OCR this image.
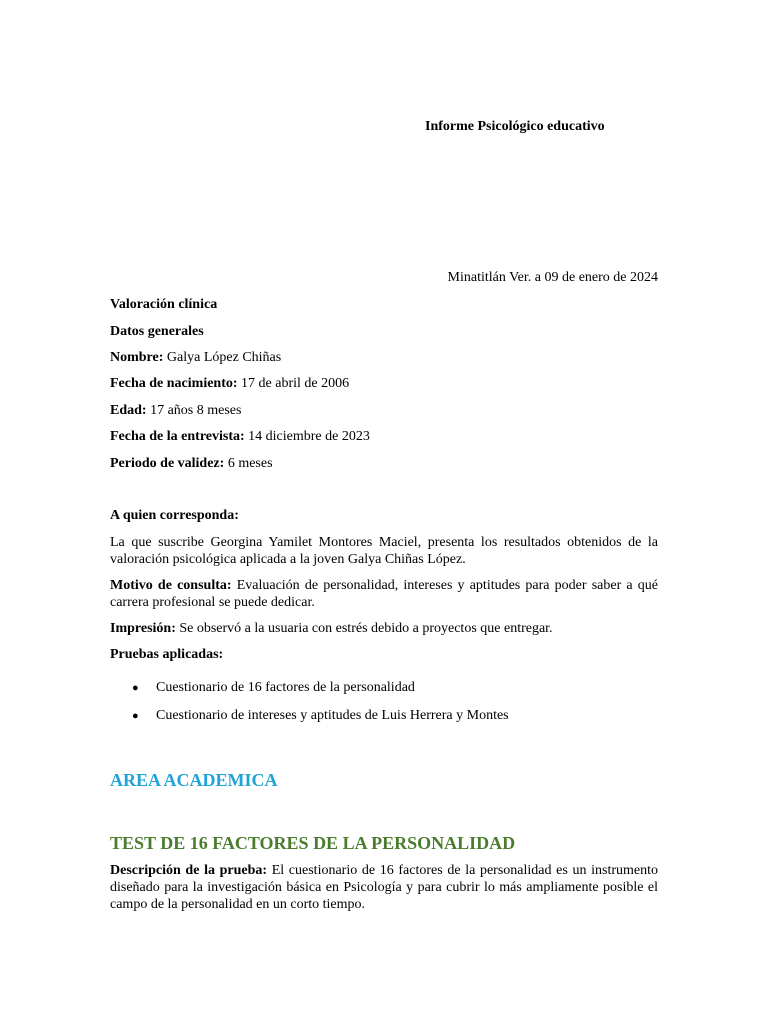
Informe Psicológico educativo
Minatitlán Ver. a 09 de enero de 2024
Valoración clínica
Datos generales
Nombre: Galya López Chiñas
Fecha de nacimiento: 17 de abril de 2006
Edad: 17 años 8 meses
Fecha de la entrevista: 14 diciembre de 2023
Periodo de validez: 6 meses
A quien corresponda:
La que suscribe Georgina Yamilet Montores Maciel, presenta los resultados obtenidos de la valoración psicológica aplicada a la joven Galya Chiñas López.
Motivo de consulta: Evaluación de personalidad, intereses y aptitudes para poder saber a qué carrera profesional se puede dedicar.
Impresión: Se observó a la usuaria con estrés debido a proyectos que entregar.
Pruebas aplicadas:
●	Cuestionario de 16 factores de la personalidad
●	Cuestionario de intereses y aptitudes de Luis Herrera y Montes
AREA ACADEMICA
TEST DE 16 FACTORES DE LA PERSONALIDAD
Descripción de la prueba: El cuestionario de 16 factores de la personalidad es un instrumento diseñado para la investigación básica en Psicología y para cubrir lo más ampliamente posible el campo de la personalidad en un corto tiempo.
